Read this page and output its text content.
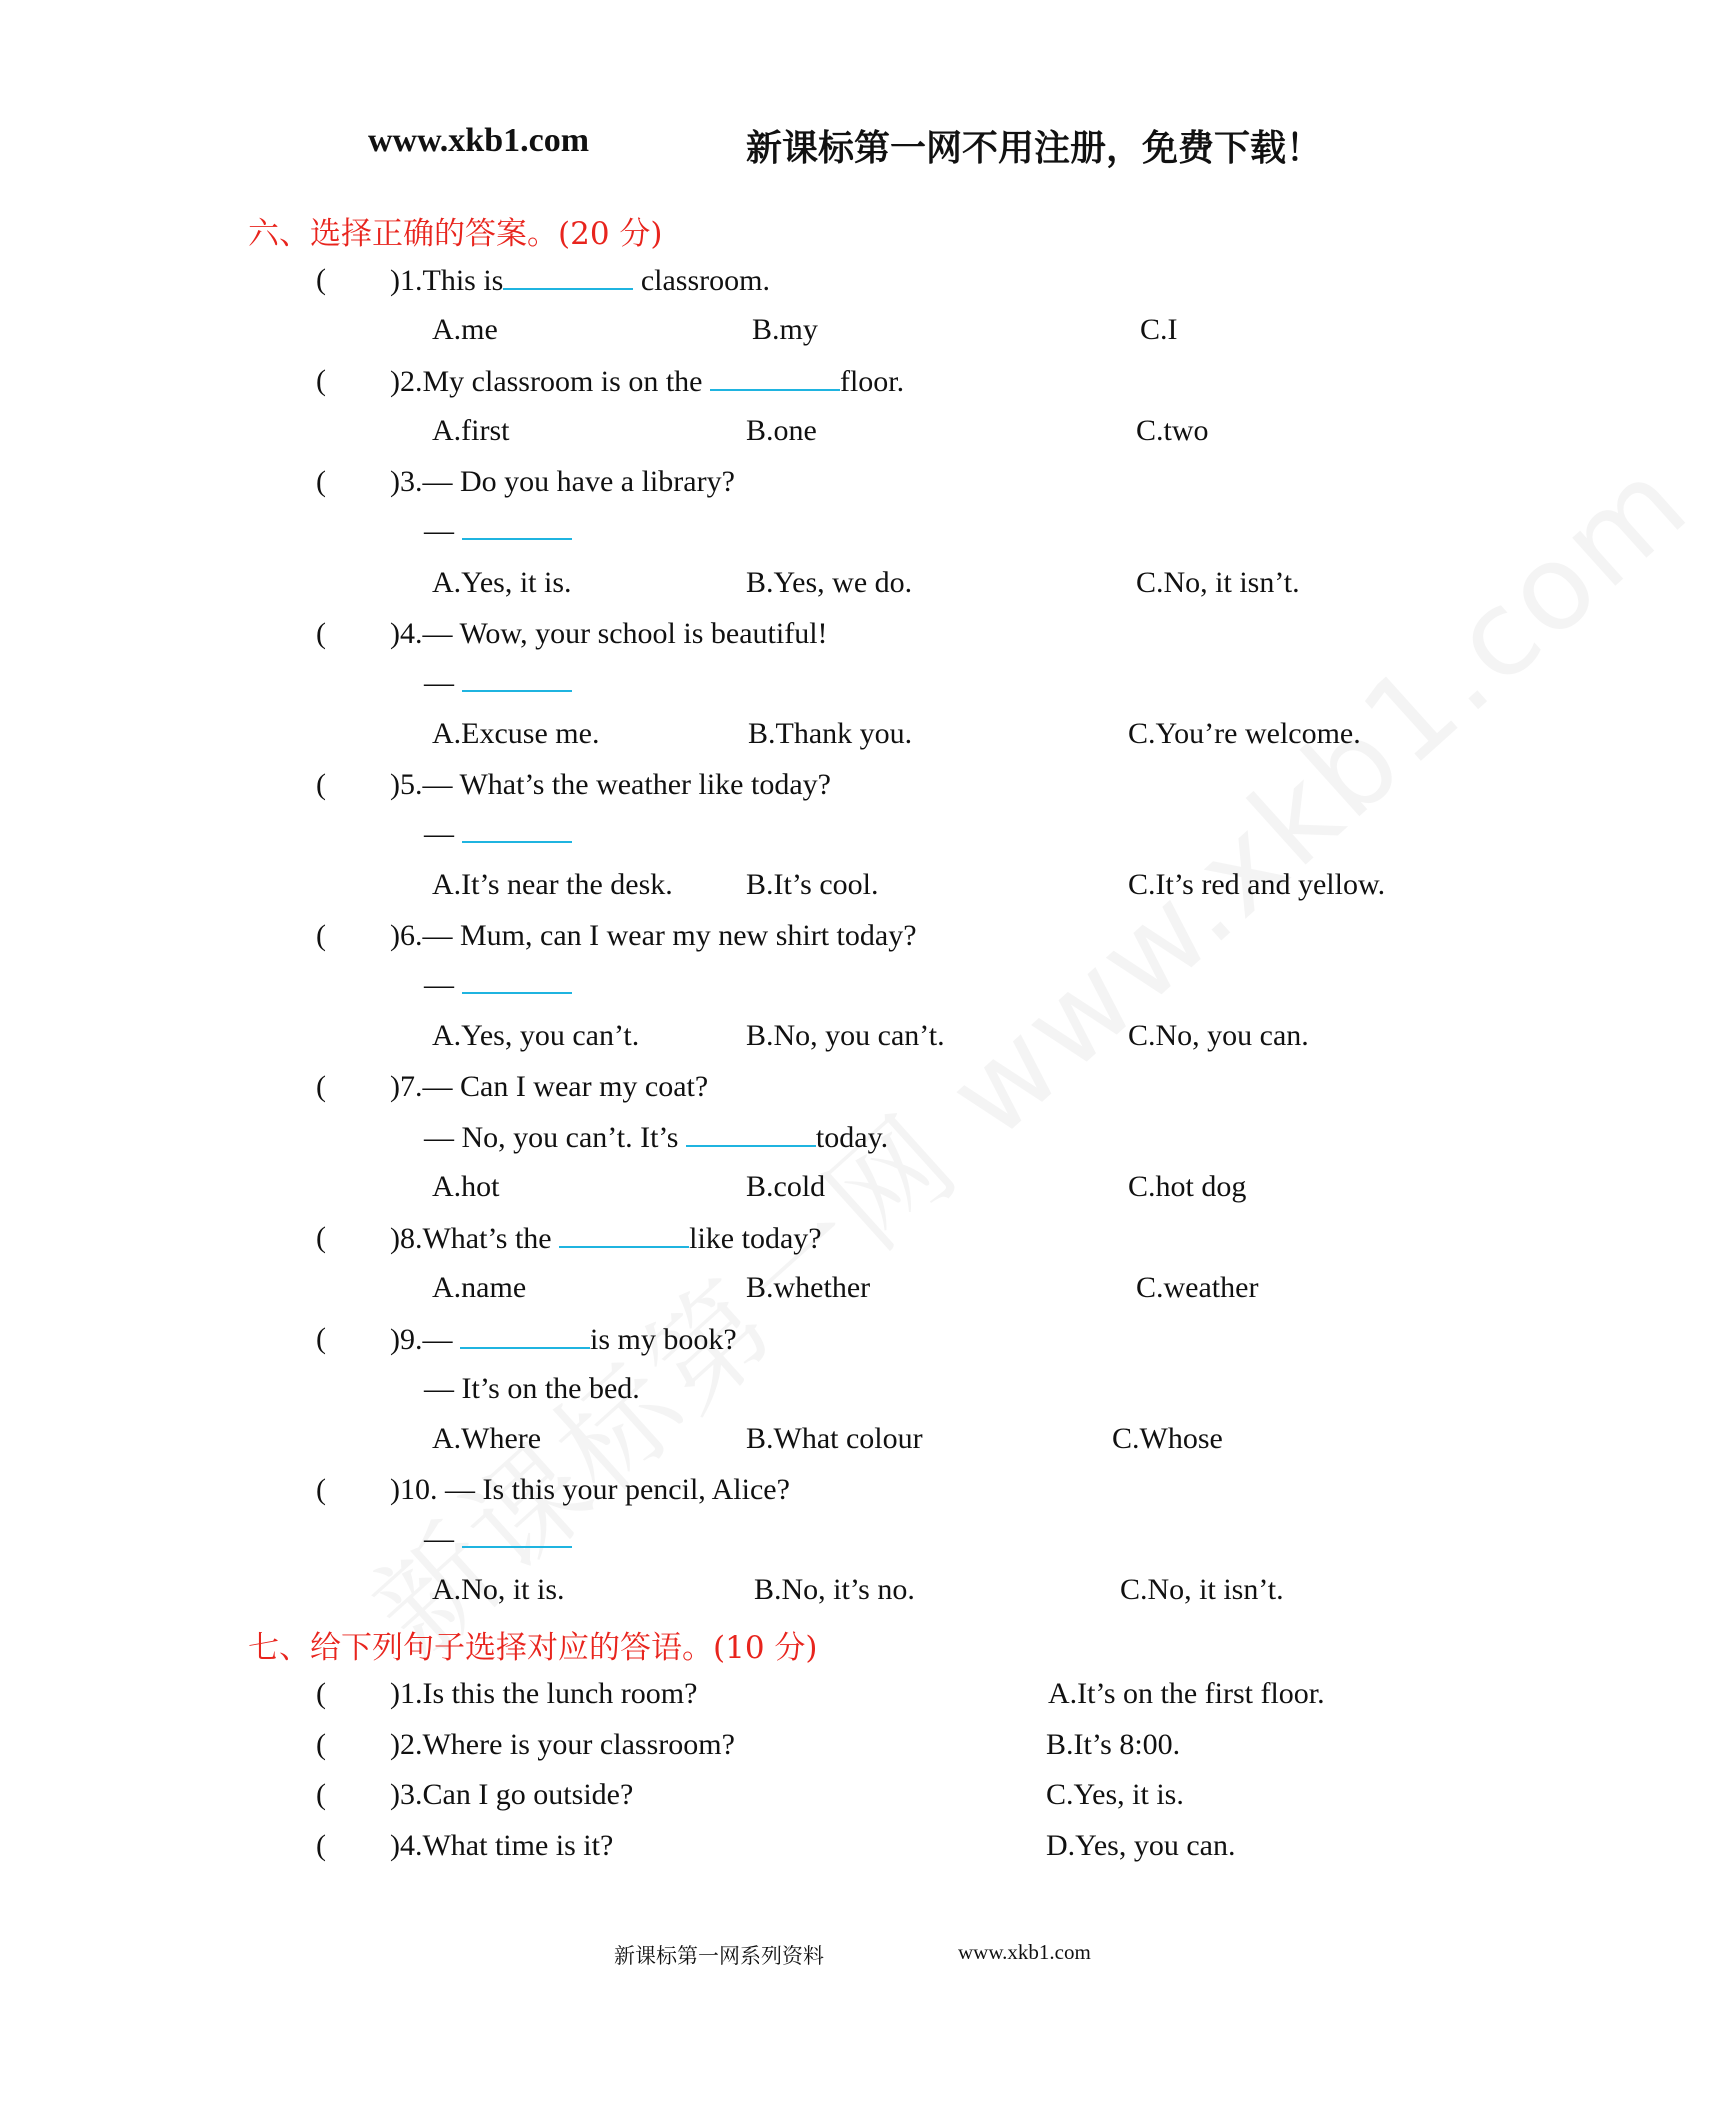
www.xkb1.com	新课标第一网不用注册，免费下载！
六、选择正确的答案。(20 分)
( )1.This is	classroom.
A.me	B.my	C.I
( )2.My classroom is on the	floor.
A.first	B.one	C.two
( )3.— Do you have a library?
—
A.Yes, it is.	B.Yes, we do.	C.No, it isn’t.
( )4.— Wow, your school is beautiful!
—
A.Excuse me.	B.Thank you.	C.You’re welcome.
( )5.— What’s the weather like today?
—
A.It’s near the desk. B.It’s cool.	C.It’s red and yellow.
( )6.— Mum, can I wear my new shirt today?
—
A.Yes, you can’t.	B.No, you can’t.	C.No, you can.
( )7.— Can I wear my coat?
— No, you can’t. It’s	today.
A.hot	B.cold	C.hot dog
( )8.What’s the	like today?
A.name	B.whether	C.weather
( )9.—	is my book?
— It’s on the bed.
A.Where	B.What colour	C.Whose
( )10. — Is this your pencil, Alice?
—
A.No, it is.	B.No, it’s no.	C.No, it isn’t.
七、给下列句子选择对应的答语。(10 分)
( )1.Is this the lunch room?	A.It’s on the first floor.
( )2.Where is your classroom?	B.It’s 8:00.
( )3.Can I go outside?	C.Yes, it is.
( )4.What time is it?	D.Yes, you can.
新课标第一网系列资料	www.xkb1.com
